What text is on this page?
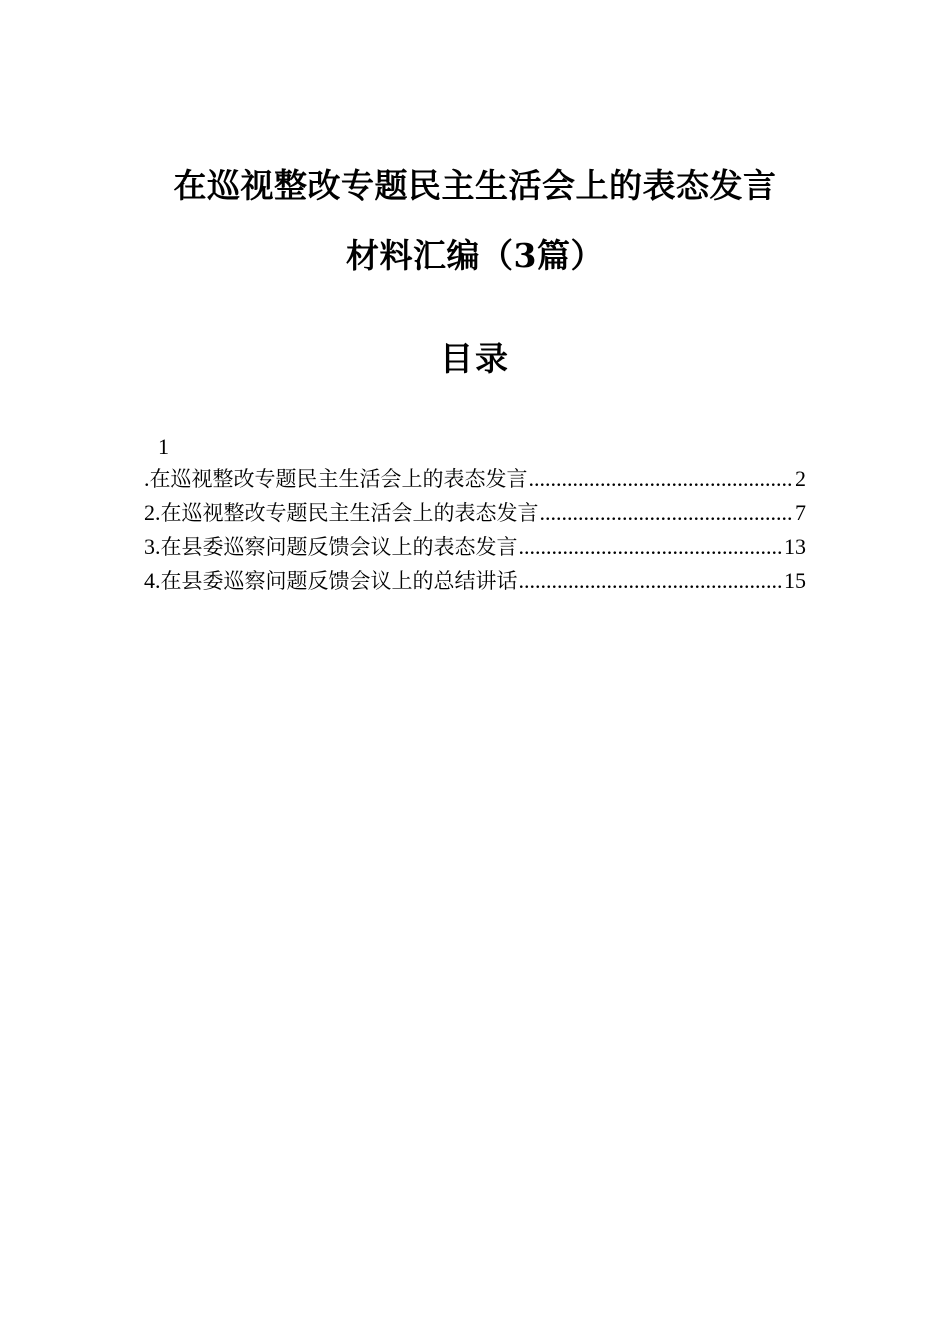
在巡视整改专题民主生活会上的表态发言
材料汇编（3篇）
目录
1
. 在巡视整改专题民主生活会上的表态发言 .....	2
2. 在巡视整改专题民主生活会上的表态发言 .....	7
3. 在县委巡察问题反馈会议上的表态发言 .....	13
4. 在县委巡察问题反馈会议上的总结讲话 .....	15
